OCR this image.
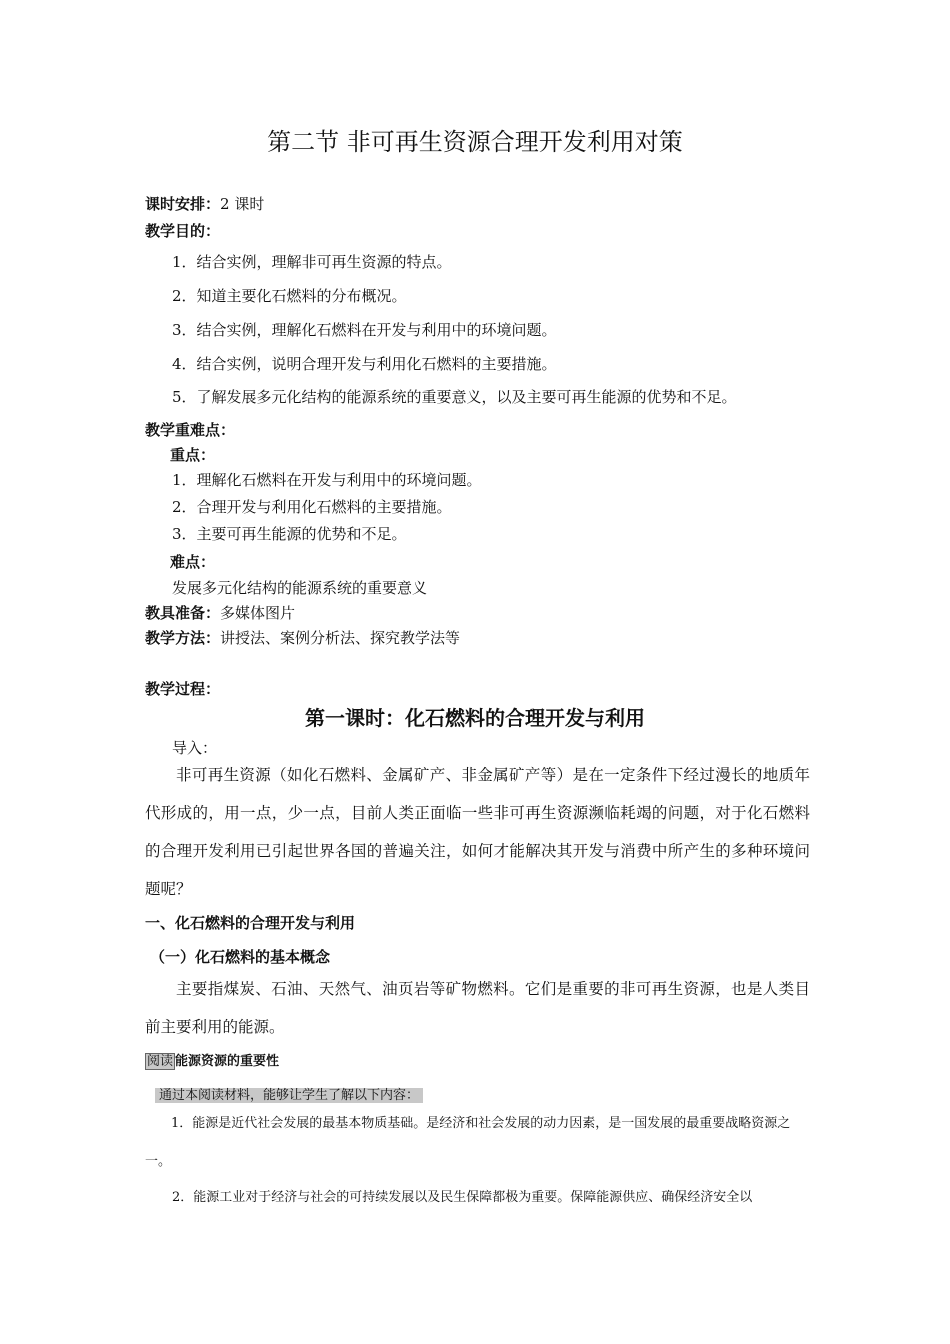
第二节 非可再生资源合理开发利用对策
课时安排：2 课时
教学目的：
1．结合实例，理解非可再生资源的特点。
2．知道主要化石燃料的分布概况。
3．结合实例，理解化石燃料在开发与利用中的环境问题。
4．结合实例，说明合理开发与利用化石燃料的主要措施。
5．了解发展多元化结构的能源系统的重要意义，以及主要可再生能源的优势和不足。
教学重难点：
重点：
1．理解化石燃料在开发与利用中的环境问题。
2．合理开发与利用化石燃料的主要措施。
3．主要可再生能源的优势和不足。
难点：
发展多元化结构的能源系统的重要意义
教具准备：多媒体图片
教学方法：讲授法、案例分析法、探究教学法等
教学过程：
第一课时：化石燃料的合理开发与利用
导入：
非可再生资源（如化石燃料、金属矿产、非金属矿产等）是在一定条件下经过漫长的地质年代形成的，用一点，少一点，目前人类正面临一些非可再生资源濒临耗竭的问题，对于化石燃料的合理开发利用已引起世界各国的普遍关注，如何才能解决其开发与消费中所产生的多种环境问题呢？
一、化石燃料的合理开发与利用
（一）化石燃料的基本概念
主要指煤炭、石油、天然气、油页岩等矿物燃料。它们是重要的非可再生资源，也是人类目前主要利用的能源。
阅读 能源资源的重要性
通过本阅读材料，能够让学生了解以下内容：
1．能源是近代社会发展的最基本物质基础。是经济和社会发展的动力因素，是一国发展的最重要战略资源之一。
2．能源工业对于经济与社会的可持续发展以及民生保障都极为重要。保障能源供应、确保经济安全以
